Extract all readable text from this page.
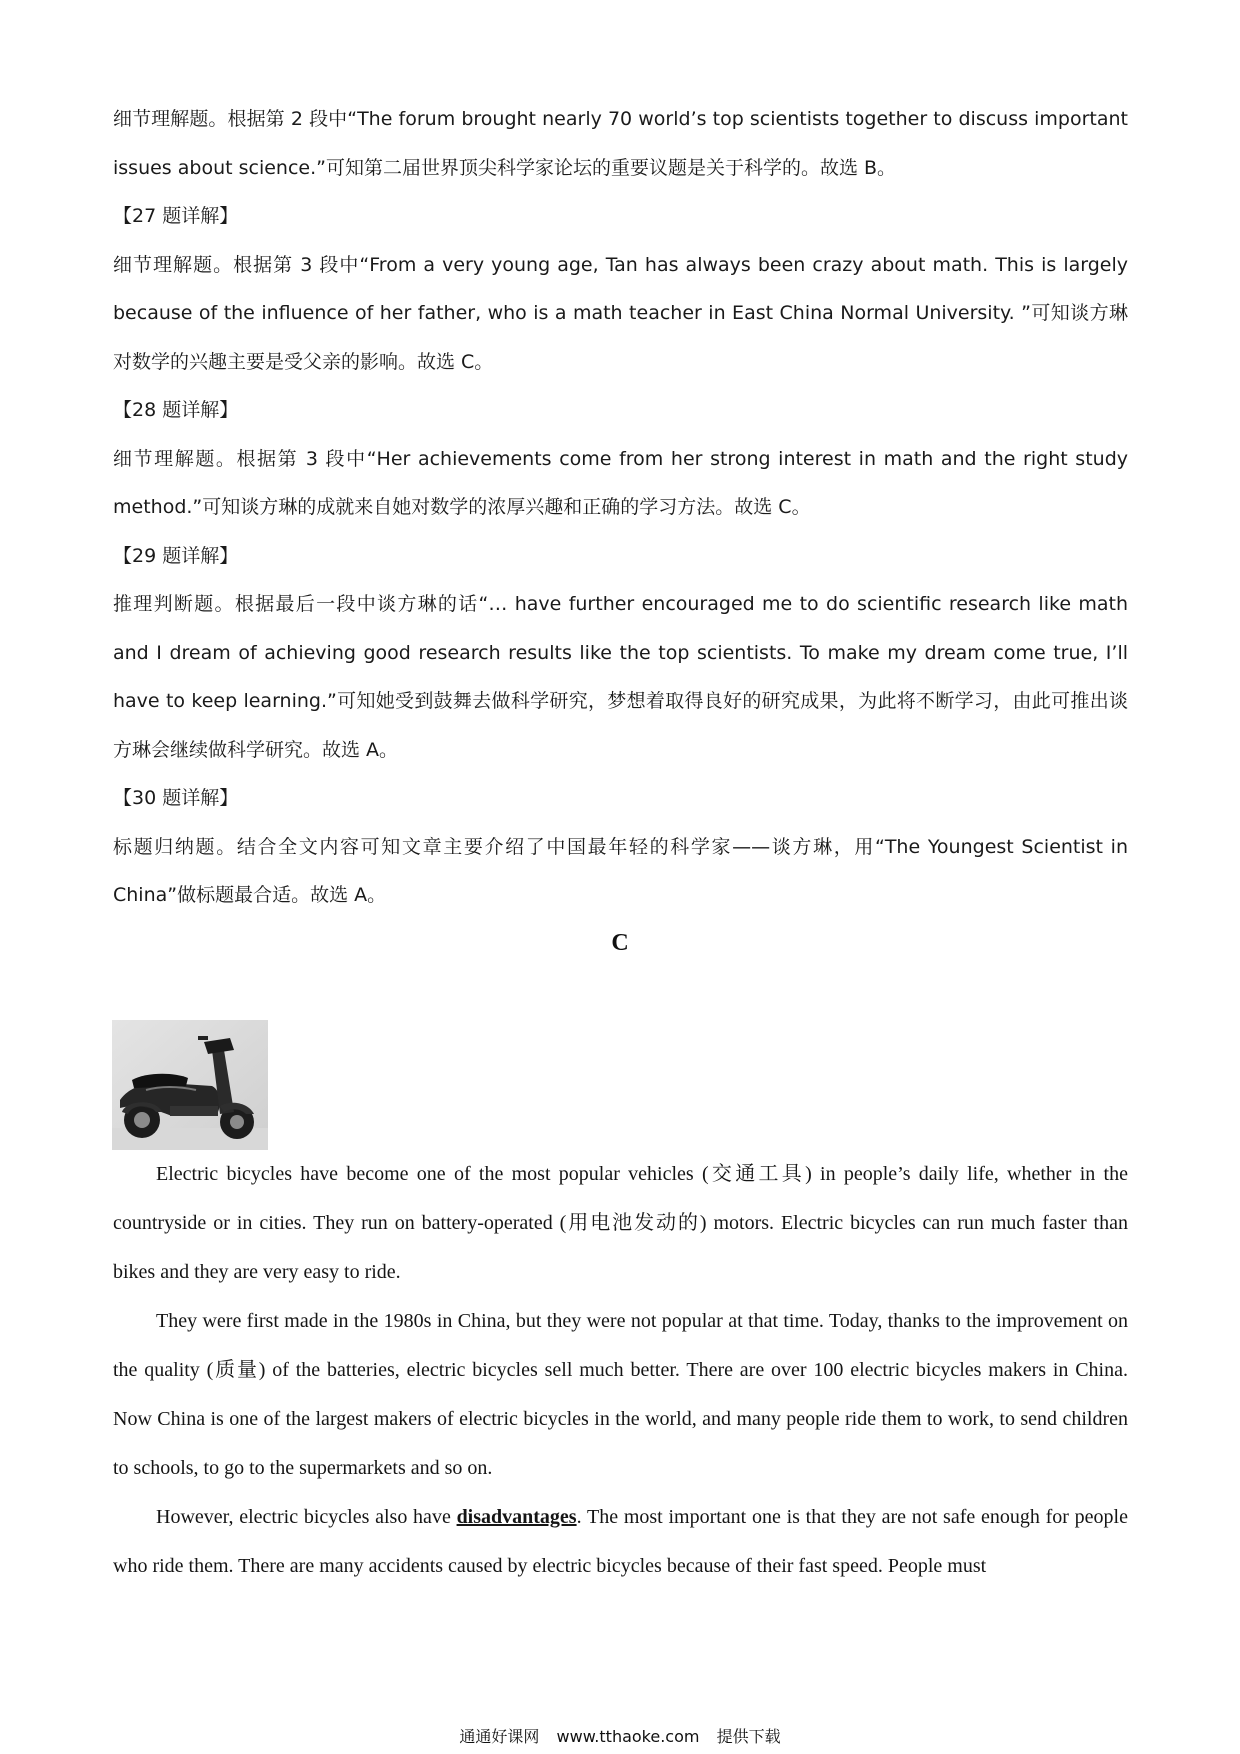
细节理解题。根据第 2 段中“The forum brought nearly 70 world’s top scientists together to discuss important issues about science.”可知第二届世界顶尖科学家论坛的重要议题是关于科学的。故选 B。

【27 题详解】

细节理解题。根据第 3 段中“From a very young age, Tan has always been crazy about math. This is largely because of the influence of her father, who is a math teacher in East China Normal University. ”可知谈方琳对数学的兴趣主要是受父亲的影响。故选 C。

【28 题详解】

细节理解题。根据第 3 段中“Her achievements come from her strong interest in math and the right study method.”可知谈方琳的成就来自她对数学的浓厚兴趣和正确的学习方法。故选 C。

【29 题详解】

推理判断题。根据最后一段中谈方琳的话“… have further encouraged me to do scientific research like math and I dream of achieving good research results like the top scientists. To make my dream come true, I’ll have to keep learning.”可知她受到鼓舞去做科学研究，梦想着取得良好的研究成果，为此将不断学习，由此可推出谈方琳会继续做科学研究。故选 A。

【30 题详解】

标题归纳题。结合全文内容可知文章主要介绍了中国最年轻的科学家——谈方琳，用“The Youngest Scientist in China”做标题最合适。故选 A。

C

Electric bicycles have become one of the most popular vehicles (交通工具) in people’s daily life, whether in the countryside or in cities. They run on battery-operated (用电池发动的) motors. Electric bicycles can run much faster than bikes and they are very easy to ride.

They were first made in the 1980s in China, but they were not popular at that time. Today, thanks to the improvement on the quality (质量) of the batteries, electric bicycles sell much better. There are over 100 electric bicycles makers in China. Now China is one of the largest makers of electric bicycles in the world, and many people ride them to work, to send children to schools, to go to the supermarkets and so on.

However, electric bicycles also have disadvantages. The most important one is that they are not safe enough for people who ride them. There are many accidents caused by electric bicycles because of their fast speed. People must

通通好课网 www.tthaoke.com 提供下载
